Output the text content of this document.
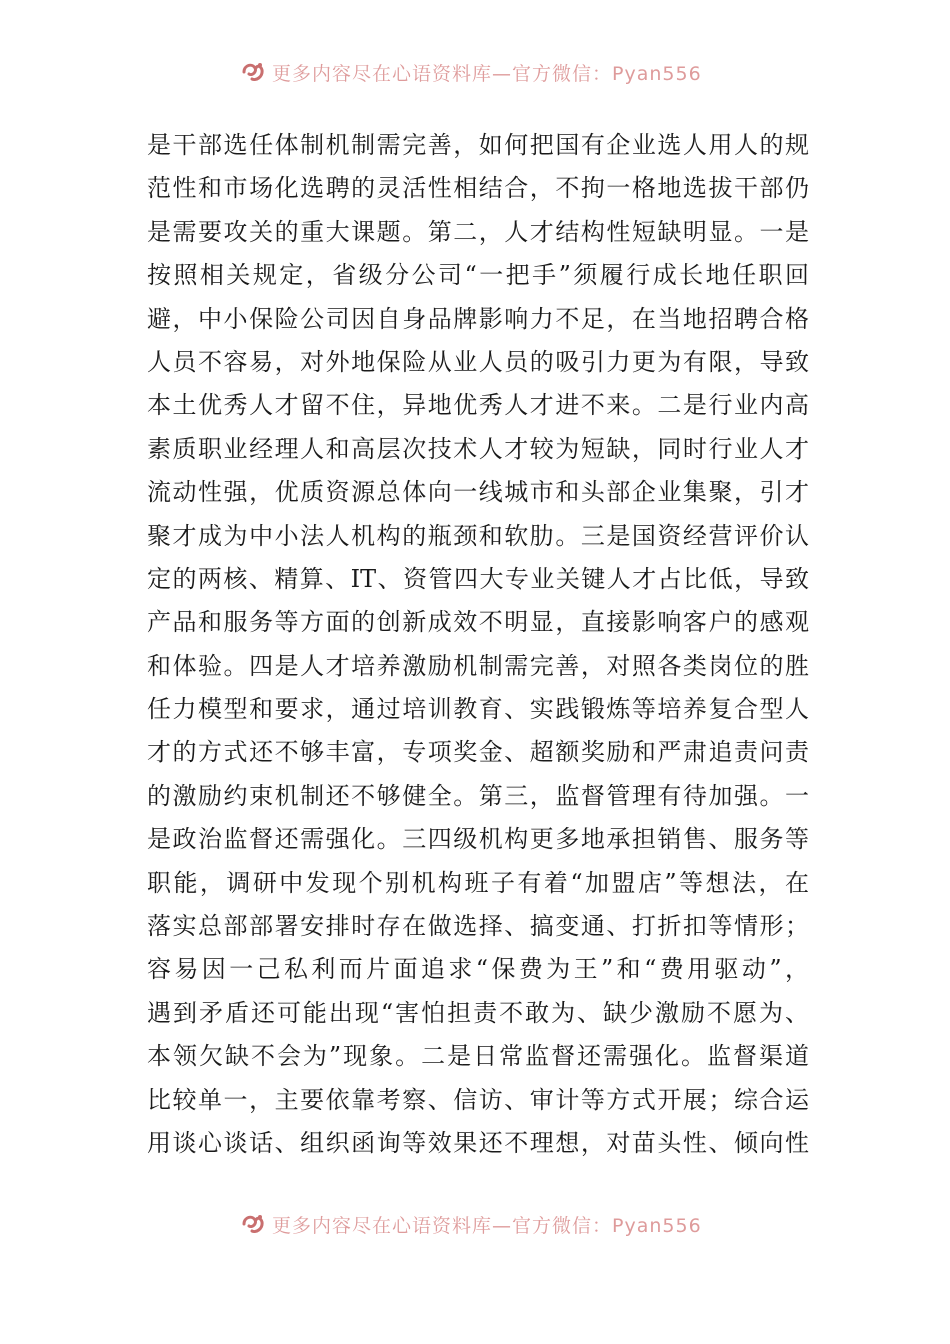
更多内容尽在心语资料库—官方微信：Pyan556
是干部选任体制机制需完善，如何把国有企业选人用人的规
范性和市场化选聘的灵活性相结合，不拘一格地选拔干部仍
是需要攻关的重大课题。第二，人才结构性短缺明显。一是
按照相关规定，省级分公司“一把手”须履行成长地任职回
避，中小保险公司因自身品牌影响力不足，在当地招聘合格
人员不容易，对外地保险从业人员的吸引力更为有限，导致
本土优秀人才留不住，异地优秀人才进不来。二是行业内高
素质职业经理人和高层次技术人才较为短缺，同时行业人才
流动性强，优质资源总体向一线城市和头部企业集聚，引才
聚才成为中小法人机构的瓶颈和软肋。三是国资经营评价认
定的两核、精算、IT、资管四大专业关键人才占比低，导致
产品和服务等方面的创新成效不明显，直接影响客户的感观
和体验。四是人才培养激励机制需完善，对照各类岗位的胜
任力模型和要求，通过培训教育、实践锻炼等培养复合型人
才的方式还不够丰富，专项奖金、超额奖励和严肃追责问责
的激励约束机制还不够健全。第三，监督管理有待加强。一
是政治监督还需强化。三四级机构更多地承担销售、服务等
职能，调研中发现个别机构班子有着“加盟店”等想法，在
落实总部部署安排时存在做选择、搞变通、打折扣等情形；
容易因一己私利而片面追求“保费为王”和“费用驱动”，
遇到矛盾还可能出现“害怕担责不敢为、缺少激励不愿为、
本领欠缺不会为”现象。二是日常监督还需强化。监督渠道
比较单一，主要依靠考察、信访、审计等方式开展；综合运
用谈心谈话、组织函询等效果还不理想，对苗头性、倾向性
更多内容尽在心语资料库—官方微信：Pyan556
